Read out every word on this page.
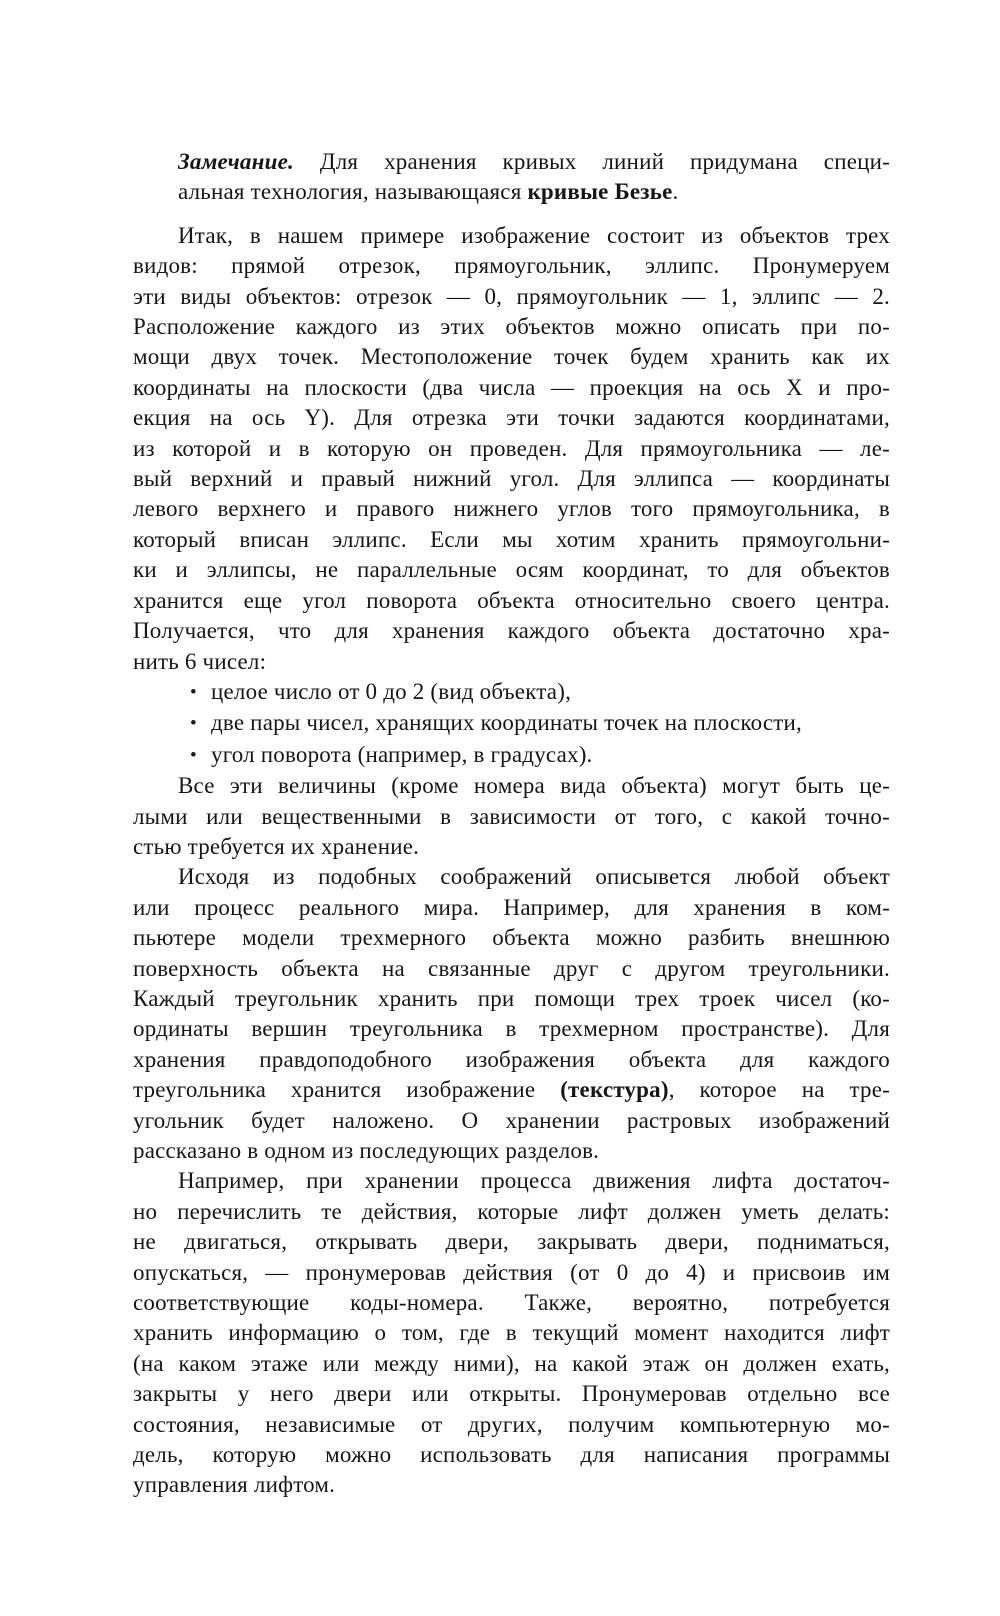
Замечание. Для хранения кривых линий придумана специ-
альная технология, называющаяся кривые Безье.
Итак, в нашем примере изображение состоит из объектов трех
видов: прямой отрезок, прямоугольник, эллипс. Пронумеруем
эти виды объектов: отрезок — 0, прямоугольник — 1, эллипс — 2.
Расположение каждого из этих объектов можно описать при по-
мощи двух точек. Местоположение точек будем хранить как их
координаты на плоскости (два числа — проекция на ось X и про-
екция на ось Y). Для отрезка эти точки задаются координатами,
из которой и в которую он проведен. Для прямоугольника — ле-
вый верхний и правый нижний угол. Для эллипса — координаты
левого верхнего и правого нижнего углов того прямоугольника, в
который вписан эллипс. Если мы хотим хранить прямоугольни-
ки и эллипсы, не параллельные осям координат, то для объектов
хранится еще угол поворота объекта относительно своего центра.
Получается, что для хранения каждого объекта достаточно хра-
нить 6 чисел:
• целое число от 0 до 2 (вид объекта),
• две пары чисел, хранящих координаты точек на плоскости,
• угол поворота (например, в градусах).
Все эти величины (кроме номера вида объекта) могут быть це-
лыми или вещественными в зависимости от того, с какой точно-
стью требуется их хранение.
Исходя из подобных соображений описывется любой объект
или процесс реального мира. Например, для хранения в ком-
пьютере модели трехмерного объекта можно разбить внешнюю
поверхность объекта на связанные друг с другом треугольники.
Каждый треугольник хранить при помощи трех троек чисел (ко-
ординаты вершин треугольника в трехмерном пространстве). Для
хранения правдоподобного изображения объекта для каждого
треугольника хранится изображение (текстура), которое на тре-
угольник будет наложено. О хранении растровых изображений
рассказано в одном из последующих разделов.
Например, при хранении процесса движения лифта достаточ-
но перечислить те действия, которые лифт должен уметь делать:
не двигаться, открывать двери, закрывать двери, подниматься,
опускаться, — пронумеровав действия (от 0 до 4) и присвоив им
соответствующие коды-номера. Также, вероятно, потребуется
хранить информацию о том, где в текущий момент находится лифт
(на каком этаже или между ними), на какой этаж он должен ехать,
закрыты у него двери или открыты. Пронумеровав отдельно все
состояния, независимые от других, получим компьютерную мо-
дель, которую можно использовать для написания программы
управления лифтом.
